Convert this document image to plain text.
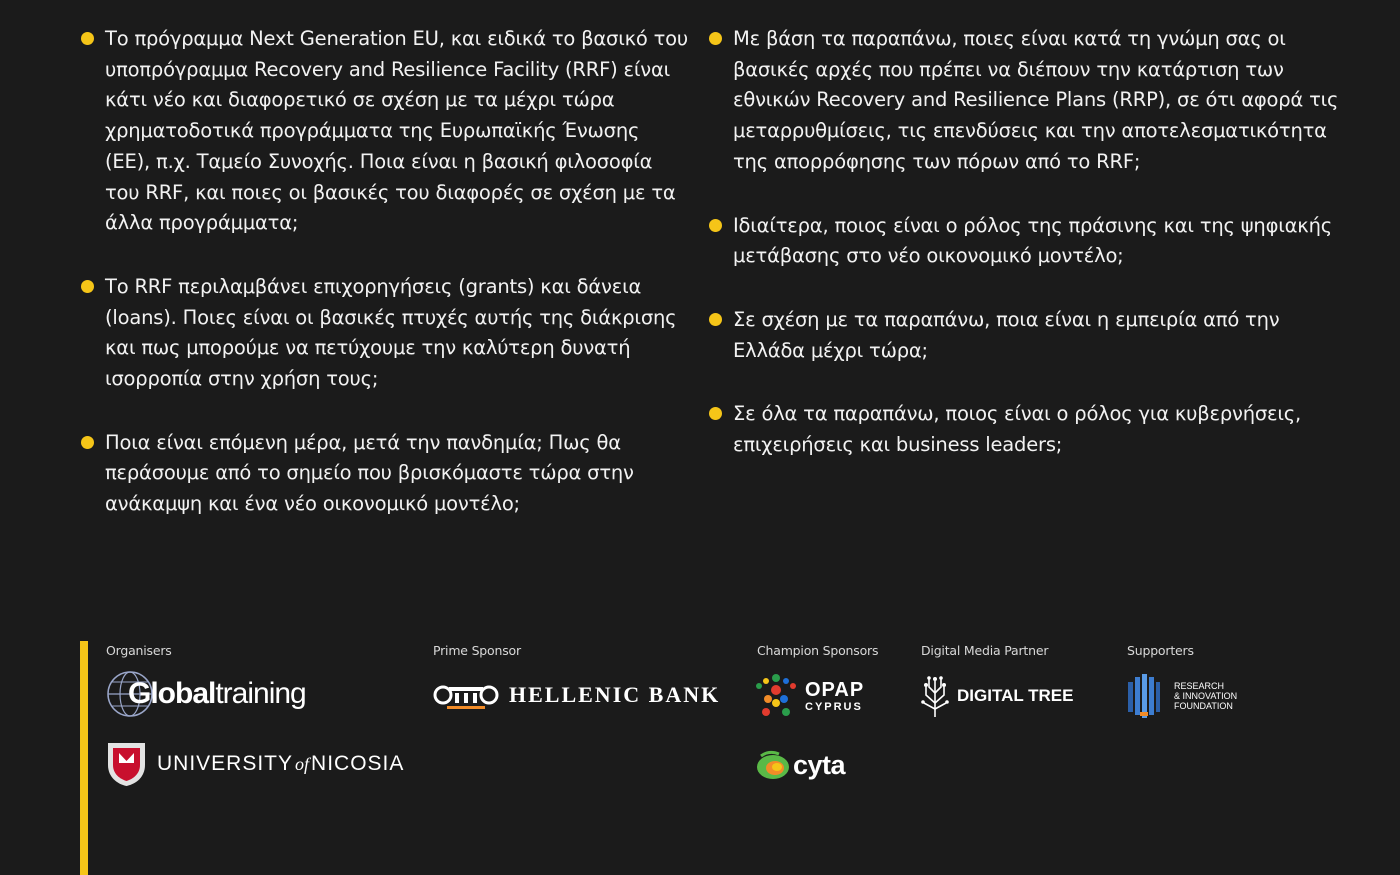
Το πρόγραμμα Next Generation EU, και ειδικά το βασικό του υποπρόγραμμα Recovery and Resilience Facility (RRF) είναι κάτι νέο και διαφορετικό σε σχέση με τα μέχρι τώρα χρηματοδοτικά προγράμματα της Ευρωπαϊκής Ένωσης (ΕΕ), π.χ. Ταμείο Συνοχής. Ποια είναι η βασική φιλοσοφία του RRF, και ποιες οι βασικές του διαφορές σε σχέση με τα άλλα προγράμματα;

Το RRF περιλαμβάνει επιχορηγήσεις (grants) και δάνεια (loans). Ποιες είναι οι βασικές πτυχές αυτής της διάκρισης και πως μπορούμε να πετύχουμε την καλύτερη δυνατή ισορροπία στην χρήση τους;

Ποια είναι επόμενη μέρα, μετά την πανδημία; Πως θα περάσουμε από το σημείο που βρισκόμαστε τώρα στην ανάκαμψη και ένα νέο οικονομικό μοντέλο;

Με βάση τα παραπάνω, ποιες είναι κατά τη γνώμη σας οι βασικές αρχές που πρέπει να διέπουν την κατάρτιση των εθνικών Recovery and Resilience Plans (RRP), σε ότι αφορά τις μεταρρυθμίσεις, τις επενδύσεις και την αποτελεσματικότητα της απορρόφησης των πόρων από το RRF;

Ιδιαίτερα, ποιος είναι ο ρόλος της πράσινης και της ψηφιακής μετάβασης στο νέο οικονομικό μοντέλο;

Σε σχέση με τα παραπάνω, ποια είναι η εμπειρία από την Ελλάδα μέχρι τώρα;

Σε όλα τα παραπάνω, ποιος είναι ο ρόλος για κυβερνήσεις, επιχειρήσεις και business leaders;

Organisers	Prime Sponsor	Champion Sponsors	Digital Media Partner	Supporters
Globaltraining
UNIVERSITY ofNICOSIA
HELLENIC BANK	OPAP
CYPRUS
cyta
DIGITAL TREE	RESEARCH
& INNOVATION
FOUNDATION
